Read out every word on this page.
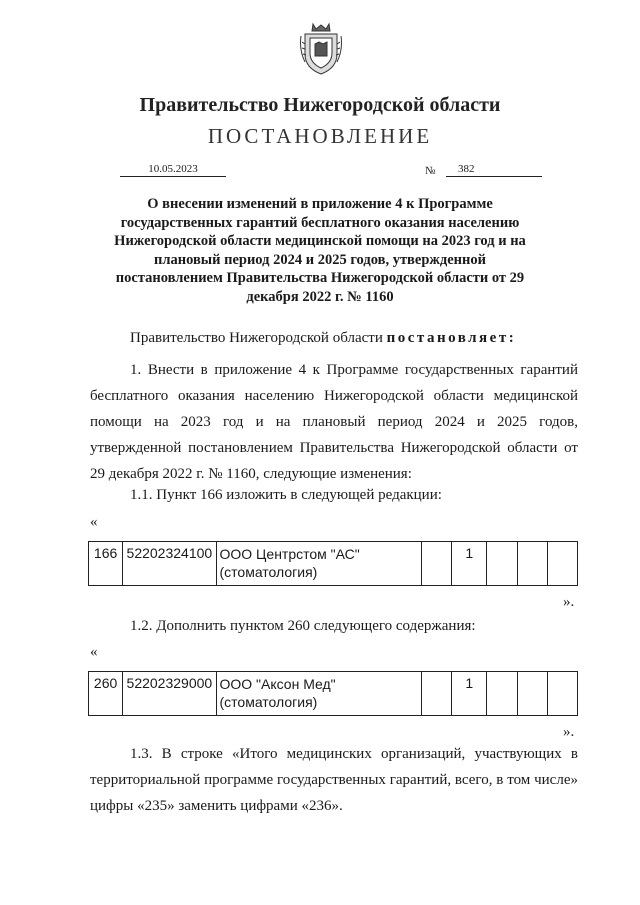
Правительство Нижегородской области
ПОСТАНОВЛЕНИЕ
10.05.2023	№	382
О внесении изменений в приложение 4 к Программе государственных гарантий бесплатного оказания населению Нижегородской области медицинской помощи на 2023 год и на плановый период 2024 и 2025 годов, утвержденной постановлением Правительства Нижегородской области от 29 декабря 2022 г. № 1160
Правительство Нижегородской области постановляет:
1. Внести в приложение 4 к Программе государственных гарантий бесплатного оказания населению Нижегородской области медицинской помощи на 2023 год и на плановый период 2024 и 2025 годов, утвержденной постановлением Правительства Нижегородской области от 29 декабря 2022 г. № 1160, следующие изменения:
1.1. Пункт 166 изложить в следующей редакции:
«
166	52202324100	ООО Центрстом "АС" (стоматология)		1			
».
1.2. Дополнить пунктом 260 следующего содержания:
«
260	52202329000	ООО "Аксон Мед" (стоматология)		1			
».
1.3. В строке «Итого медицинских организаций, участвующих в территориальной программе государственных гарантий, всего, в том числе» цифры «235» заменить цифрами «236».
